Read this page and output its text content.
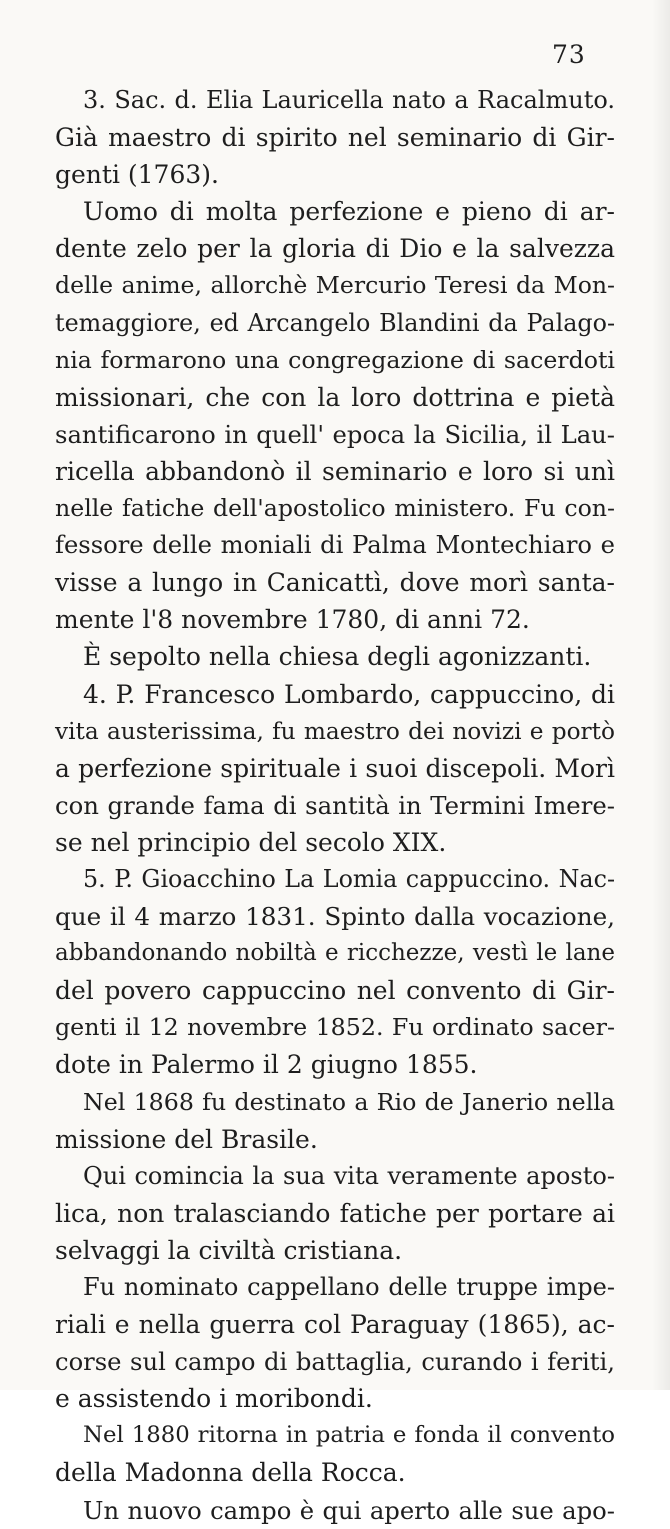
73
3. Sac. d. Elia Lauricella nato a Racalmuto.
Già maestro di spirito nel seminario di Gir-
genti (1763).
Uomo di molta perfezione e pieno di ar-
dente zelo per la gloria di Dio e la salvezza
delle anime, allorchè Mercurio Teresi da Mon-
temaggiore, ed Arcangelo Blandini da Palago-
nia formarono una congregazione di sacerdoti
missionari, che con la loro dottrina e pietà
santificarono in quell' epoca la Sicilia, il Lau-
ricella abbandonò il seminario e loro si unì
nelle fatiche dell'apostolico ministero. Fu con-
fessore delle moniali di Palma Montechiaro e
visse a lungo in Canicattì, dove morì santa-
mente l'8 novembre 1780, di anni 72.
È sepolto nella chiesa degli agonizzanti.
4. P. Francesco Lombardo, cappuccino, di
vita austerissima, fu maestro dei novizi e portò
a perfezione spirituale i suoi discepoli. Morì
con grande fama di santità in Termini Imere-
se nel principio del secolo XIX.
5. P. Gioacchino La Lomia cappuccino. Nac-
que il 4 marzo 1831. Spinto dalla vocazione,
abbandonando nobiltà e ricchezze, vestì le lane
del povero cappuccino nel convento di Gir-
genti il 12 novembre 1852. Fu ordinato sacer-
dote in Palermo il 2 giugno 1855.
Nel 1868 fu destinato a Rio de Janerio nella
missione del Brasile.
Qui comincia la sua vita veramente aposto-
lica, non tralasciando fatiche per portare ai
selvaggi la civiltà cristiana.
Fu nominato cappellano delle truppe impe-
riali e nella guerra col Paraguay (1865), ac-
corse sul campo di battaglia, curando i feriti,
e assistendo i moribondi.
Nel 1880 ritorna in patria e fonda il convento
della Madonna della Rocca.
Un nuovo campo è qui aperto alle sue apo-
